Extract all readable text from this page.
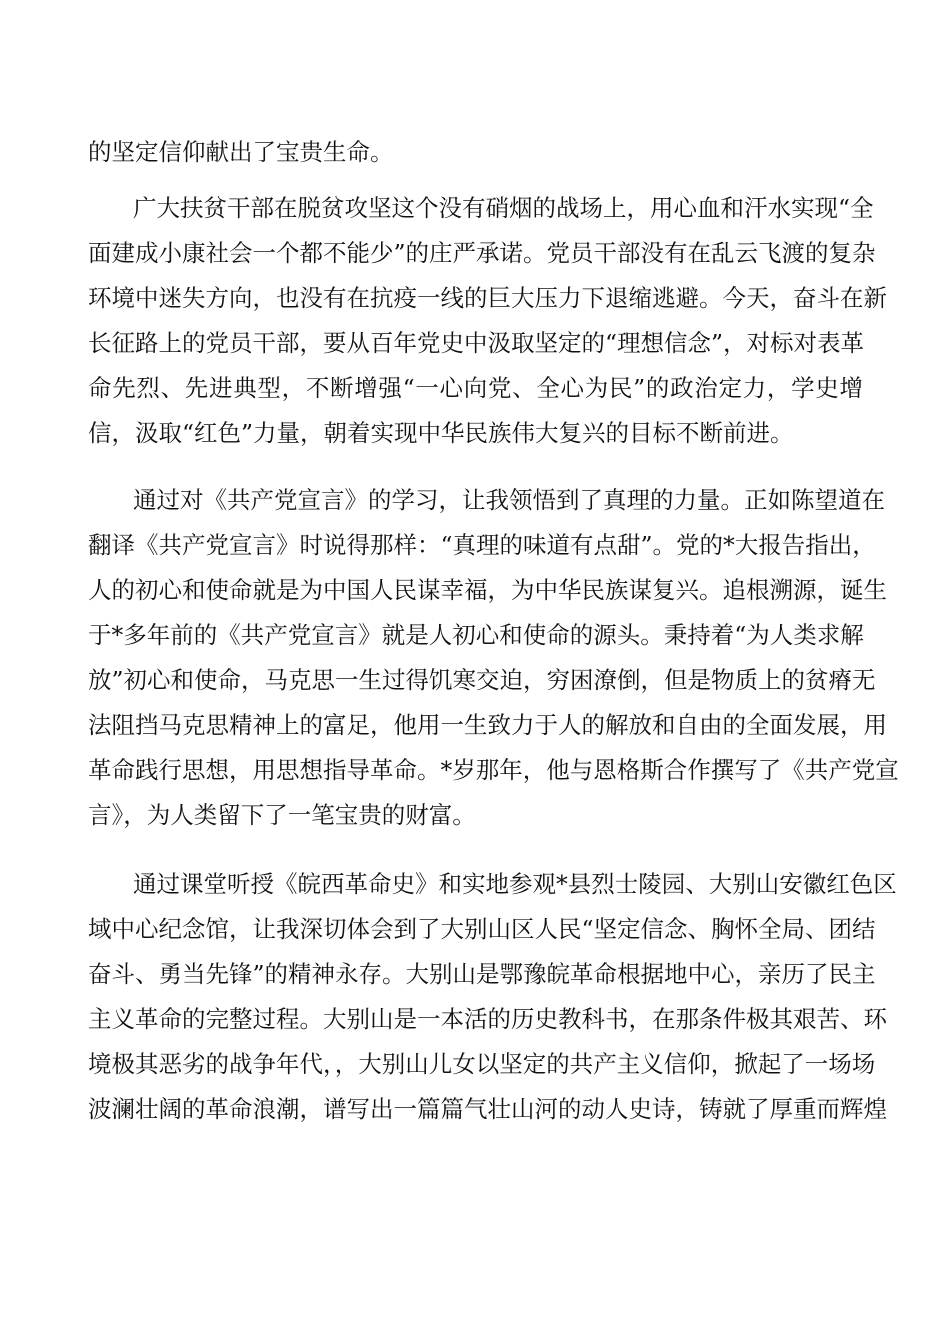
的坚定信仰献出了宝贵生命。
广大扶贫干部在脱贫攻坚这个没有硝烟的战场上，用心血和汗水实现“全
面建成小康社会一个都不能少”的庄严承诺。党员干部没有在乱云飞渡的复杂
环境中迷失方向，也没有在抗疫一线的巨大压力下退缩逃避。今天，奋斗在新
长征路上的党员干部，要从百年党史中汲取坚定的“理想信念”，对标对表革
命先烈、先进典型，不断增强“一心向党、全心为民”的政治定力，学史增
信，汲取“红色”力量，朝着实现中华民族伟大复兴的目标不断前进。
通过对《共产党宣言》的学习，让我领悟到了真理的力量。正如陈望道在
翻译《共产党宣言》时说得那样：“真理的味道有点甜”。党的*大报告指出，
人的初心和使命就是为中国人民谋幸福，为中华民族谋复兴。追根溯源，诞生
于*多年前的《共产党宣言》就是人初心和使命的源头。秉持着“为人类求解
放”初心和使命，马克思一生过得饥寒交迫，穷困潦倒，但是物质上的贫瘠无
法阻挡马克思精神上的富足，他用一生致力于人的解放和自由的全面发展，用
革命践行思想，用思想指导革命。*岁那年，他与恩格斯合作撰写了《共产党宣
言》，为人类留下了一笔宝贵的财富。
通过课堂听授《皖西革命史》和实地参观*县烈士陵园、大别山安徽红色区
域中心纪念馆，让我深切体会到了大别山区人民“坚定信念、胸怀全局、团结
奋斗、勇当先锋”的精神永存。大别山是鄂豫皖革命根据地中心，亲历了民主
主义革命的完整过程。大别山是一本活的历史教科书，在那条件极其艰苦、环
境极其恶劣的战争年代，，大别山儿女以坚定的共产主义信仰，掀起了一场场
波澜壮阔的革命浪潮，谱写出一篇篇气壮山河的动人史诗，铸就了厚重而辉煌
